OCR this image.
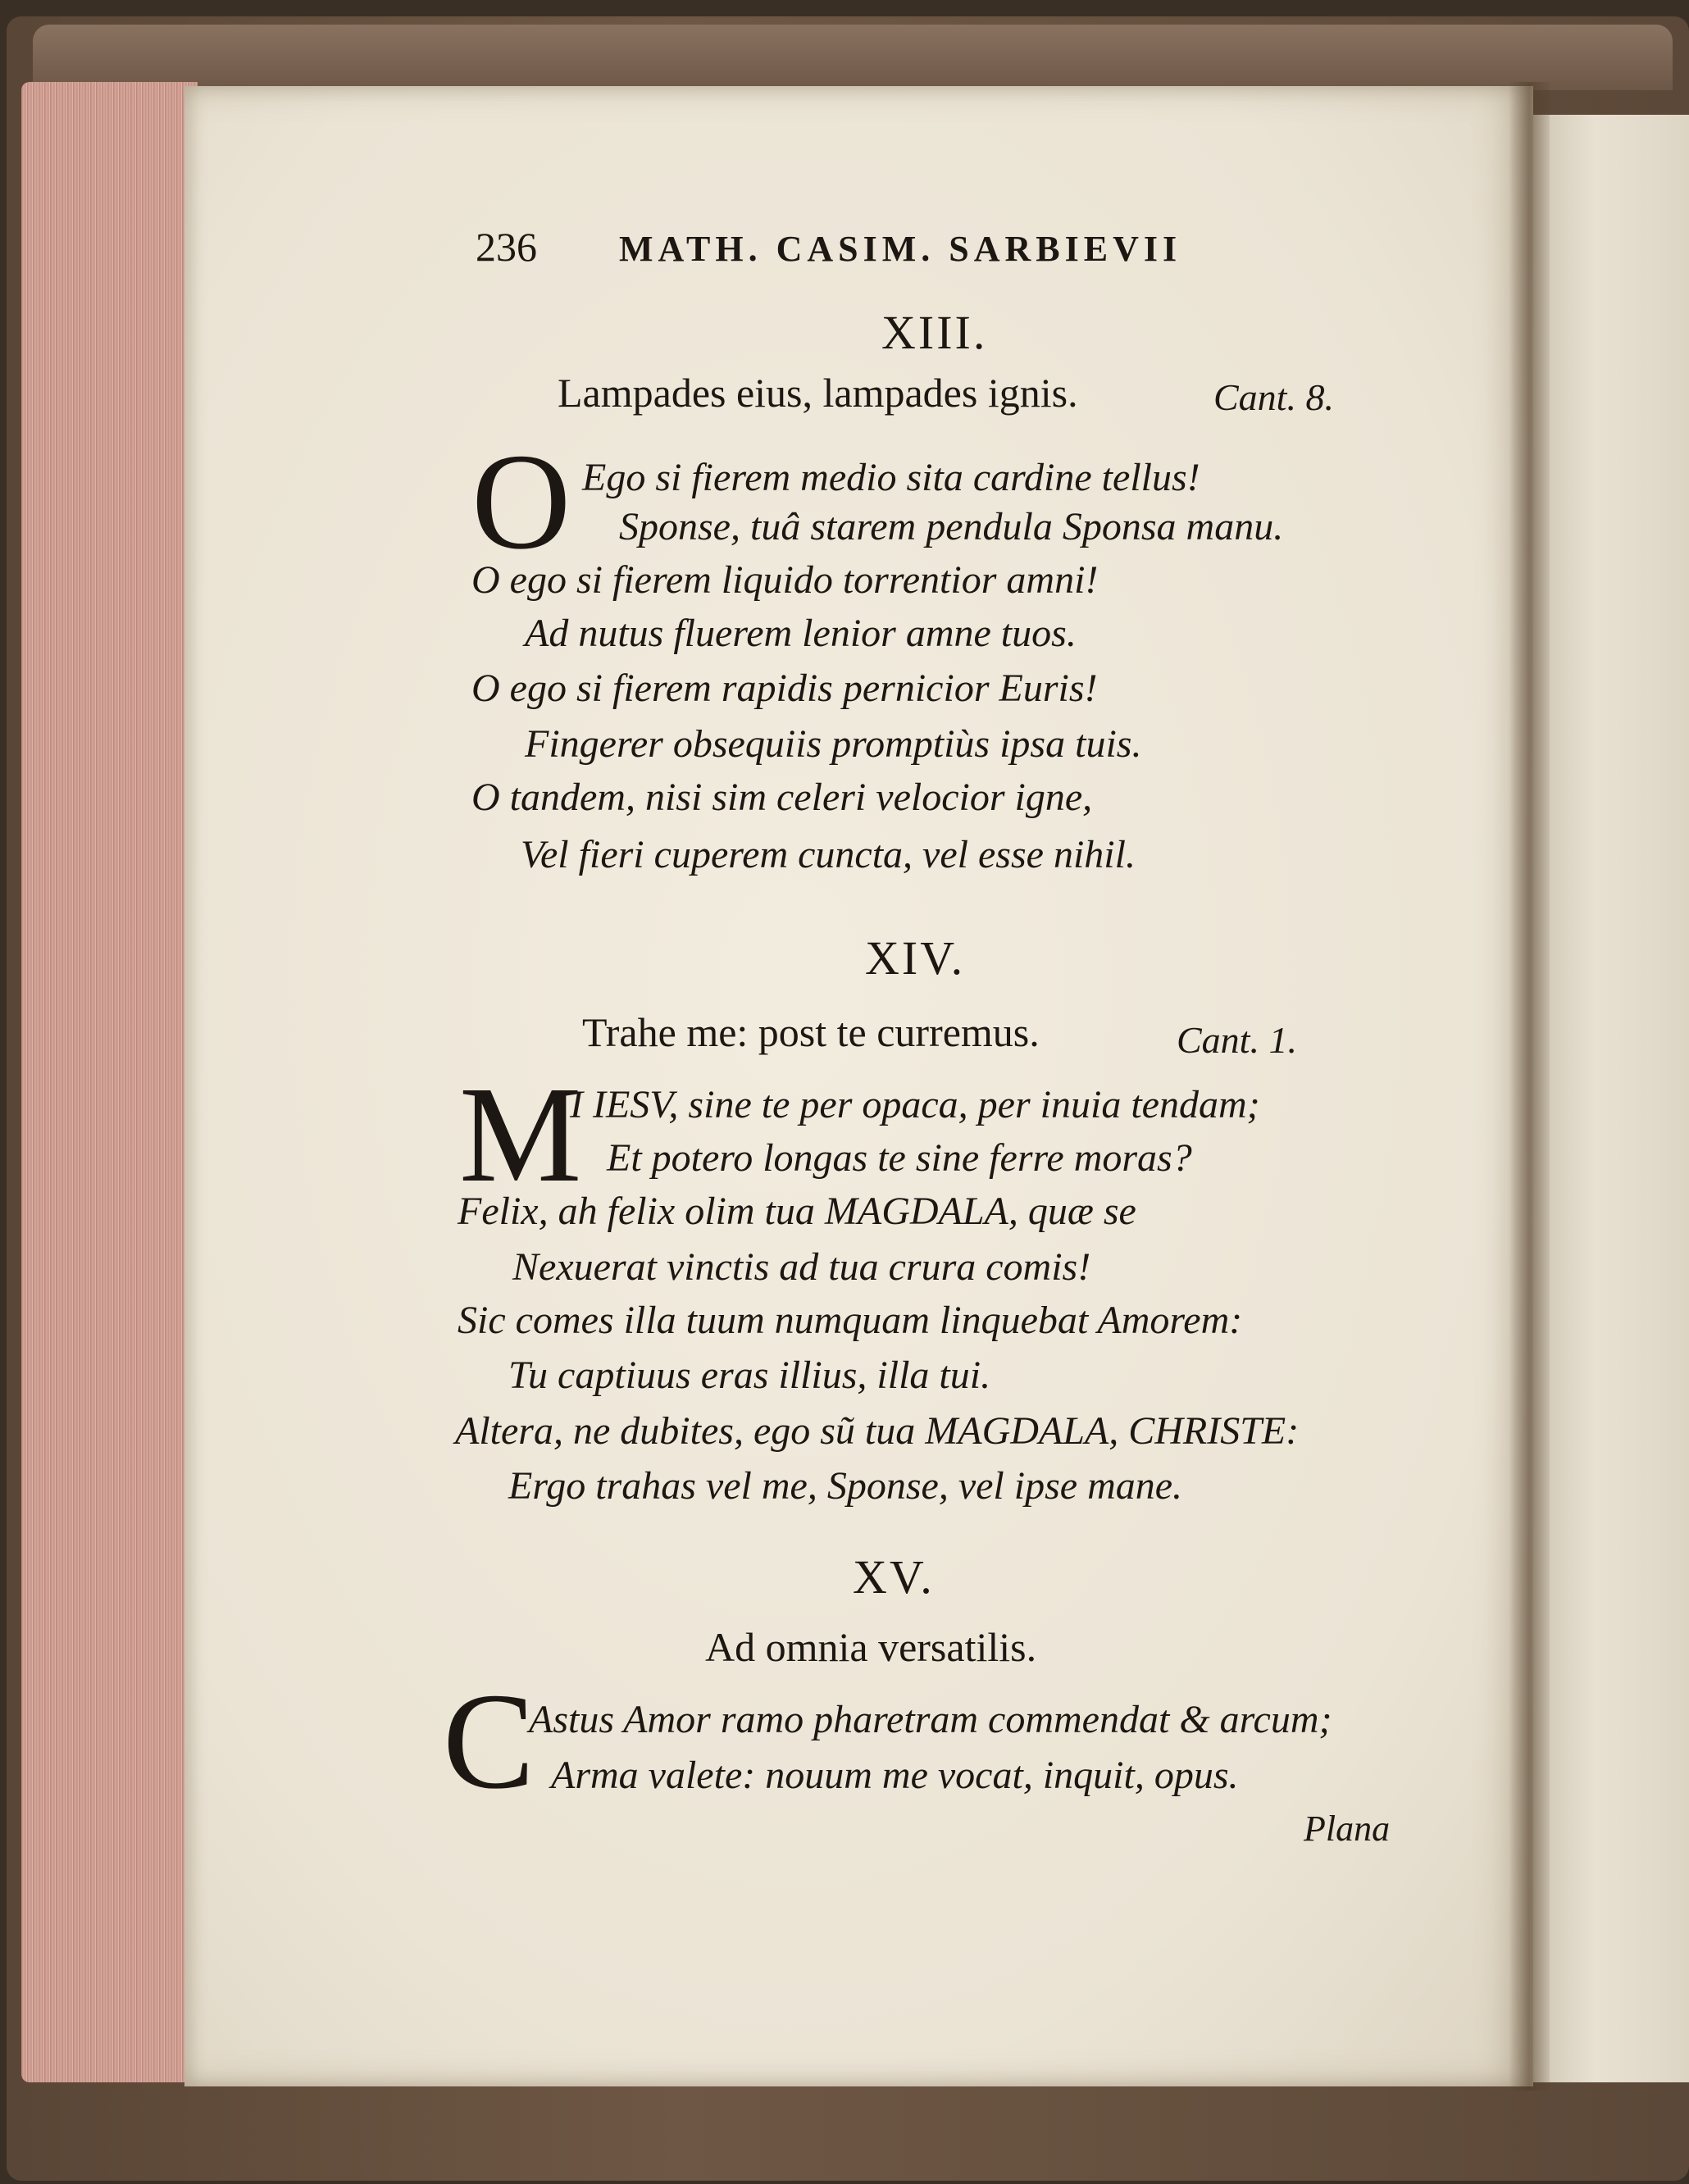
236 MATH. CASIM. SARBIEVII
XIII.
Lampades eius, lampades ignis.	Cant. 8.
O Ego si fierem medio sita cardine tellus!
Sponse, tuâ starem pendula Sponsa manu.
O ego si fierem liquido torrentior amni!
Ad nutus fluerem lenior amne tuos.
O ego si fierem rapidis pernicior Euris!
Fingerer obsequiis promptiùs ipsa tuis.
O tandem, nisi sim celeri velocior igne,
Vel fieri cuperem cuncta, vel esse nihil.
XIV.
Trahe me: post te curremus.	Cant. 1.
M
I IESV, sine te per opaca, per inuia tendam;
Et potero longas te sine ferre moras?
Felix, ah felix olim tua MAGDALA, quæ se
Nexuerat vinctis ad tua crura comis!
Sic comes illa tuum numquam linquebat Amorem:
Tu captiuus eras illius, illa tui.
Altera, ne dubites, ego sũ tua MAGDALA, CHRISTE:
Ergo trahas vel me, Sponse, vel ipse mane.
XV.
Ad omnia versatilis.
C
Astus Amor ramo pharetram commendat & arcum;
Arma valete: nouum me vocat, inquit, opus.
Plana
